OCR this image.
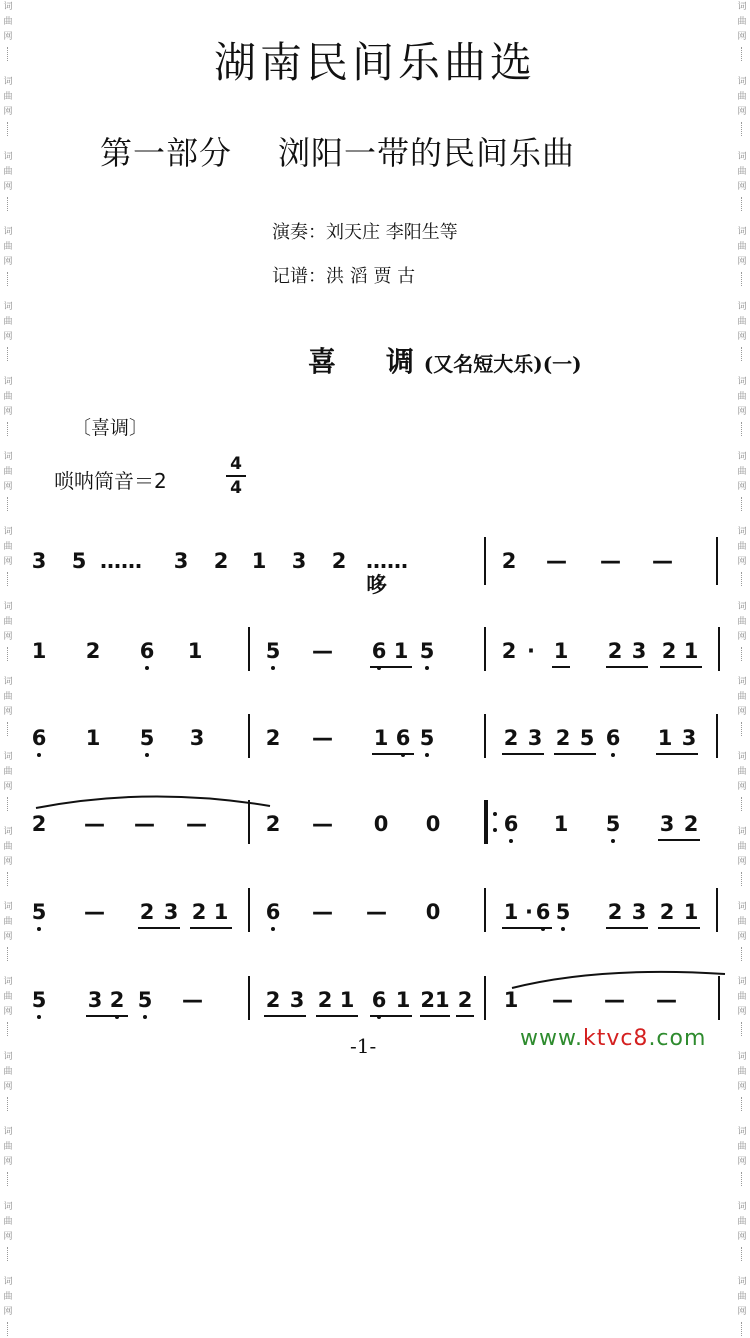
词
曲
网
词
曲
网
词
曲
网
词
曲
网
词
曲
网
词
曲
网
词
曲
网
词
曲
网
词
曲
网
词
曲
网
词
曲
网
词
曲
网
词
曲
网
词
曲
网
词
曲
网
词
曲
网
词
曲
网
词
曲
网
词
曲
网
词
曲
网
词
曲
网
词
曲
网
词
曲
网
词
曲
网
词
曲
网
词
曲
网
词
曲
网
词
曲
网
词
曲
网
词
曲
网
词
曲
网
词
曲
网
词
曲
网
词
曲
网
词
曲
网
词
曲
网
湖南民间乐曲选
第一部分 浏阳一带的民间乐曲
演奏：刘天庄 李阳生等
记谱：洪 滔 贾 古
喜 调 (又名短大乐)(一)
〔喜调〕
唢呐筒音＝2
4
4
3 5 …… 3 2 1 3 2 ……哆
2 — — —
1 2 6 1	5 — 6 1 5	2 · 1 2 3 2 1
6 1 5 3	2 — 1 6 5	2 3 2 5 6 1 3
2 — — —	2 — 0 0	6 1 5 3 2
5 — 2 3 2 1 6 — — 0	1 · 6 5 2 3 2 1
5 3 2 5 —	2 3 2 1 6 1 21 2 1 — — —
-1-	www.ktvc8.com
